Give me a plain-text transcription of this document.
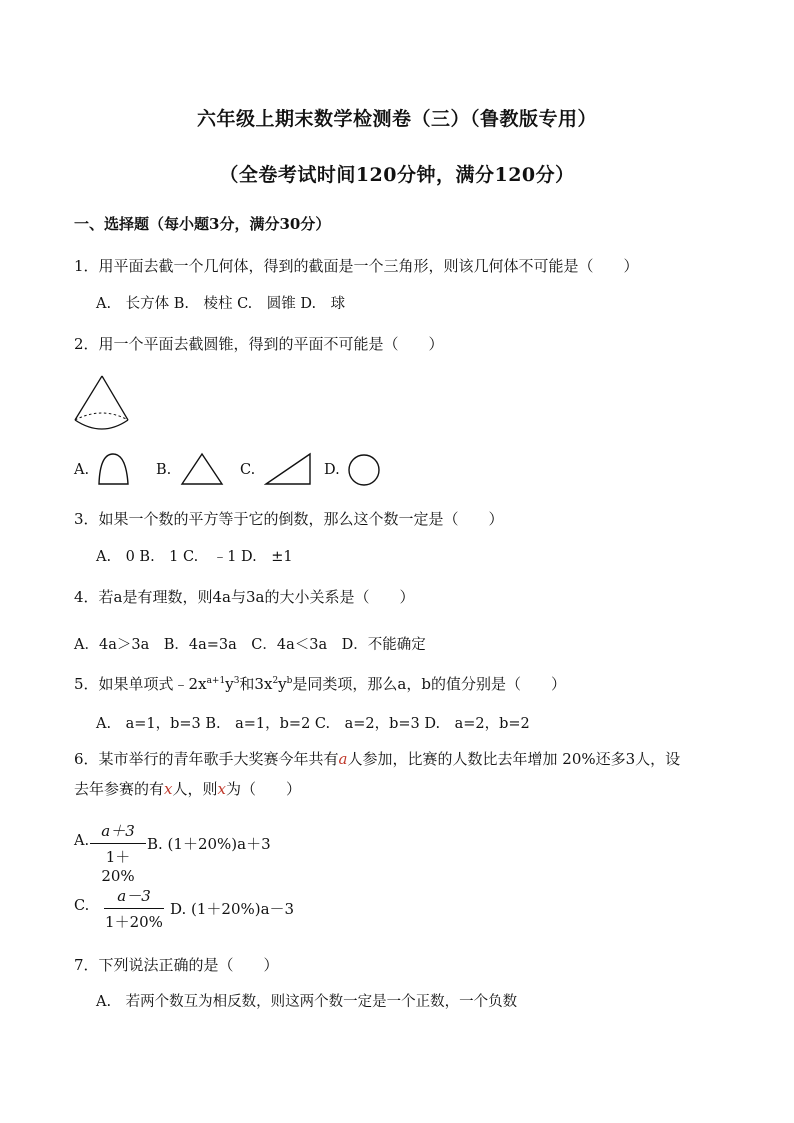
六年级上期末数学检测卷（三）（鲁教版专用）
（全卷考试时间120分钟，满分120分）
一、选择题（每小题3分，满分30分）
1．用平面去截一个几何体，得到的截面是一个三角形，则该几何体不可能是（　　）
A.　长方体 B.　棱柱 C.　圆锥 D.　球
2．用一个平面去截圆锥，得到的平面不可能是（　　）
A.	B.	C.	D.
3．如果一个数的平方等于它的倒数，那么这个数一定是（　　）
A.　0 B.　1 C.　﹣1 D.　±1
4．若a是有理数，则4a与3a的大小关系是（　　）
A．4a＞3a　B．4a=3a　C．4a＜3a　D．不能确定
5．如果单项式$﹣2x^{a+1}y^3$和$3x^2y^b$是同类项，那么a，b的值分别是（　　）
A.　a=1，b=3 B.　a=1，b=2 C.　a=2，b=3 D.　a=2，b=2
6．某市举行的青年歌手大奖赛今年共有a人参加，比赛的人数比去年增加 20%还多3人，设
去年参赛的有x人，则x为（　　）
A.
a＋3
1＋20%
B. (1＋20%)a＋3
C.
a－3
1＋20%
D. (1＋20%)a－3
7．下列说法正确的是（　　）
A.　若两个数互为相反数，则这两个数一定是一个正数，一个负数
